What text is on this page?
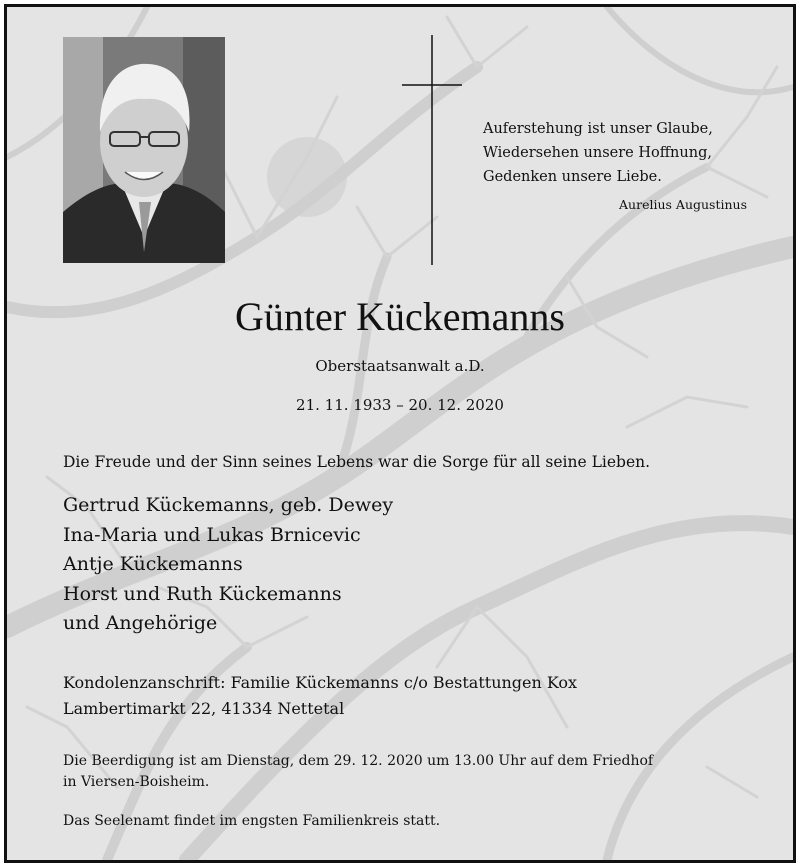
Auferstehung ist unser Glaube,
Wiedersehen unsere Hoffnung,
Gedenken unsere Liebe.
Aurelius Augustinus
Günter Kückemanns
Oberstaatsanwalt a.D.
21. 11. 1933 – 20. 12. 2020
Die Freude und der Sinn seines Lebens war die Sorge für all seine Lieben.
Gertrud Kückemanns, geb. Dewey
Ina-Maria und Lukas Brnicevic
Antje Kückemanns
Horst und Ruth Kückemanns
und Angehörige
Kondolenzanschrift: Familie Kückemanns c/o Bestattungen Kox
Lambertimarkt 22, 41334 Nettetal
Die Beerdigung ist am Dienstag, dem 29. 12. 2020 um 13.00 Uhr auf dem Friedhof
in Viersen-Boisheim.
Das Seelenamt findet im engsten Familienkreis statt.
